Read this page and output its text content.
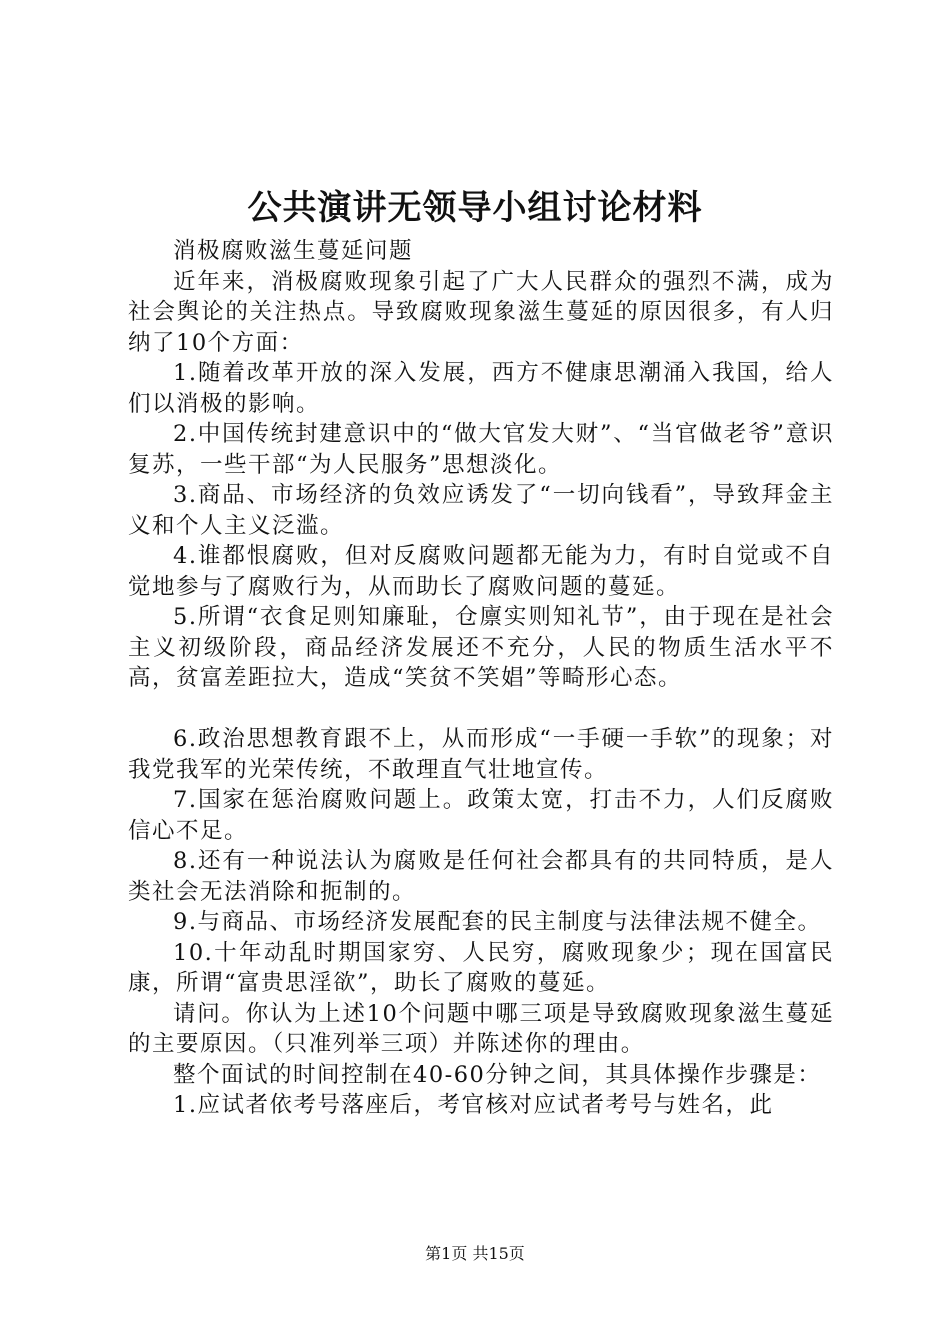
公共演讲无领导小组讨论材料

消极腐败滋生蔓延问题

近年来，消极腐败现象引起了广大人民群众的强烈不满，成为社会舆论的关注热点。导致腐败现象滋生蔓延的原因很多，有人归纳了10个方面：

1.随着改革开放的深入发展，西方不健康思潮涌入我国，给人们以消极的影响。

2.中国传统封建意识中的“做大官发大财”、“当官做老爷”意识复苏，一些干部“为人民服务”思想淡化。

3.商品、市场经济的负效应诱发了“一切向钱看”，导致拜金主义和个人主义泛滥。

4.谁都恨腐败，但对反腐败问题都无能为力，有时自觉或不自觉地参与了腐败行为，从而助长了腐败问题的蔓延。

5.所谓“衣食足则知廉耻，仓廪实则知礼节”，由于现在是社会主义初级阶段，商品经济发展还不充分，人民的物质生活水平不高，贫富差距拉大，造成“笑贫不笑娼”等畸形心态。

6.政治思想教育跟不上，从而形成“一手硬一手软”的现象；对我党我军的光荣传统，不敢理直气壮地宣传。

7.国家在惩治腐败问题上。政策太宽，打击不力，人们反腐败信心不足。

8.还有一种说法认为腐败是任何社会都具有的共同特质，是人类社会无法消除和扼制的。

9.与商品、市场经济发展配套的民主制度与法律法规不健全。

10.十年动乱时期国家穷、人民穷，腐败现象少；现在国富民康，所谓“富贵思淫欲”，助长了腐败的蔓延。

请问。你认为上述10个问题中哪三项是导致腐败现象滋生蔓延的主要原因。（只准列举三项）并陈述你的理由。

整个面试的时间控制在40-60分钟之间，其具体操作步骤是：

1.应试者依考号落座后，考官核对应试者考号与姓名，此

第1页 共15页
